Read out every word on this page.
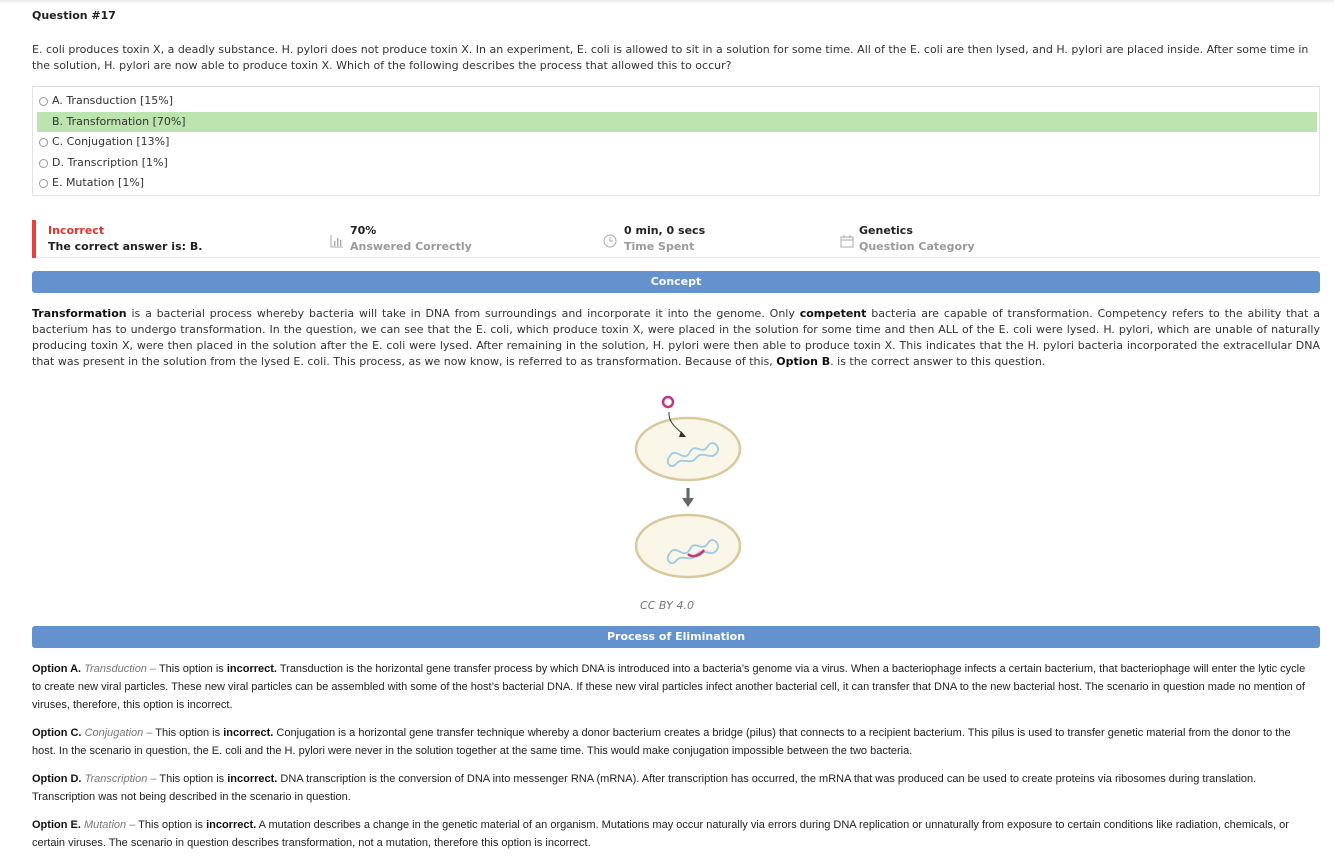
Question #17
E. coli produces toxin X, a deadly substance. H. pylori does not produce toxin X. In an experiment, E. coli is allowed to sit in a solution for some time. All of the E. coli are then lysed, and H. pylori are placed inside. After some time in the solution, H. pylori are now able to produce toxin X. Which of the following describes the process that allowed this to occur?
A. Transduction [15%]
B. Transformation [70%]
C. Conjugation [13%]
D. Transcription [1%]
E. Mutation [1%]
Incorrect
The correct answer is: B.
70%
Answered Correctly
0 min, 0 secs
Time Spent
Genetics
Question Category
Concept
Transformation is a bacterial process whereby bacteria will take in DNA from surroundings and incorporate it into the genome. Only competent bacteria are capable of transformation. Competency refers to the ability that a bacterium has to undergo transformation. In the question, we can see that the E. coli, which produce toxin X, were placed in the solution for some time and then ALL of the E. coli were lysed. H. pylori, which are unable of naturally producing toxin X, were then placed in the solution after the E. coli were lysed. After remaining in the solution, H. pylori were then able to produce toxin X. This indicates that the H. pylori bacteria incorporated the extracellular DNA that was present in the solution from the lysed E. coli. This process, as we now know, is referred to as transformation. Because of this, Option B. is the correct answer to this question.
CC BY 4.0
Process of Elimination
Option A. Transduction – This option is incorrect. Transduction is the horizontal gene transfer process by which DNA is introduced into a bacteria’s genome via a virus. When a bacteriophage infects a certain bacterium, that bacteriophage will enter the lytic cycle to create new viral particles. These new viral particles can be assembled with some of the host’s bacterial DNA. If these new viral particles infect another bacterial cell, it can transfer that DNA to the new bacterial host. The scenario in question made no mention of viruses, therefore, this option is incorrect.
Option C. Conjugation – This option is incorrect. Conjugation is a horizontal gene transfer technique whereby a donor bacterium creates a bridge (pilus) that connects to a recipient bacterium. This pilus is used to transfer genetic material from the donor to the host. In the scenario in question, the E. coli and the H. pylori were never in the solution together at the same time. This would make conjugation impossible between the two bacteria.
Option D. Transcription – This option is incorrect. DNA transcription is the conversion of DNA into messenger RNA (mRNA). After transcription has occurred, the mRNA that was produced can be used to create proteins via ribosomes during translation. Transcription was not being described in the scenario in question.
Option E. Mutation – This option is incorrect. A mutation describes a change in the genetic material of an organism. Mutations may occur naturally via errors during DNA replication or unnaturally from exposure to certain conditions like radiation, chemicals, or certain viruses. The scenario in question describes transformation, not a mutation, therefore this option is incorrect.
